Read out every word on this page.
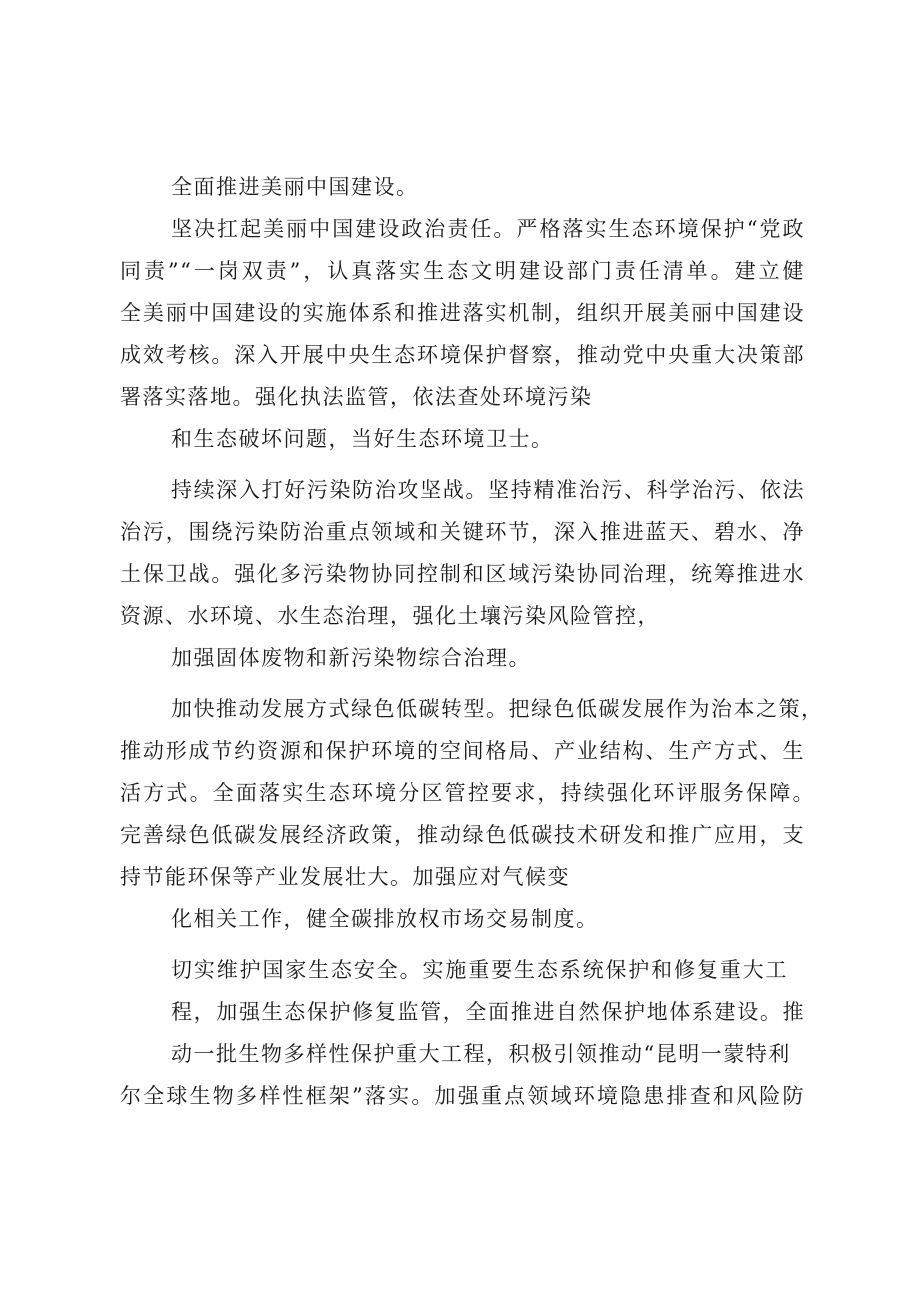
全面推进美丽中国建设。
坚决扛起美丽中国建设政治责任。严格落实生态环境保护“党政
同责”“一岗双责”，认真落实生态文明建设部门责任清单。建立健
全美丽中国建设的实施体系和推进落实机制，组织开展美丽中国建设
成效考核。深入开展中央生态环境保护督察，推动党中央重大决策部
署落实落地。强化执法监管，依法查处环境污染
和生态破坏问题，当好生态环境卫士。
持续深入打好污染防治攻坚战。坚持精准治污、科学治污、依法
治污，围绕污染防治重点领域和关键环节，深入推进蓝天、碧水、净
土保卫战。强化多污染物协同控制和区域污染协同治理，统筹推进水
资源、水环境、水生态治理，强化土壤污染风险管控，
加强固体废物和新污染物综合治理。
加快推动发展方式绿色低碳转型。把绿色低碳发展作为治本之策，
推动形成节约资源和保护环境的空间格局、产业结构、生产方式、生
活方式。全面落实生态环境分区管控要求，持续强化环评服务保障。
完善绿色低碳发展经济政策，推动绿色低碳技术研发和推广应用，支
持节能环保等产业发展壮大。加强应对气候变
化相关工作，健全碳排放权市场交易制度。
切实维护国家生态安全。实施重要生态系统保护和修复重大工
程，加强生态保护修复监管，全面推进自然保护地体系建设。推
动一批生物多样性保护重大工程，积极引领推动“昆明一蒙特利
尔全球生物多样性框架”落实。加强重点领域环境隐患排查和风险防
